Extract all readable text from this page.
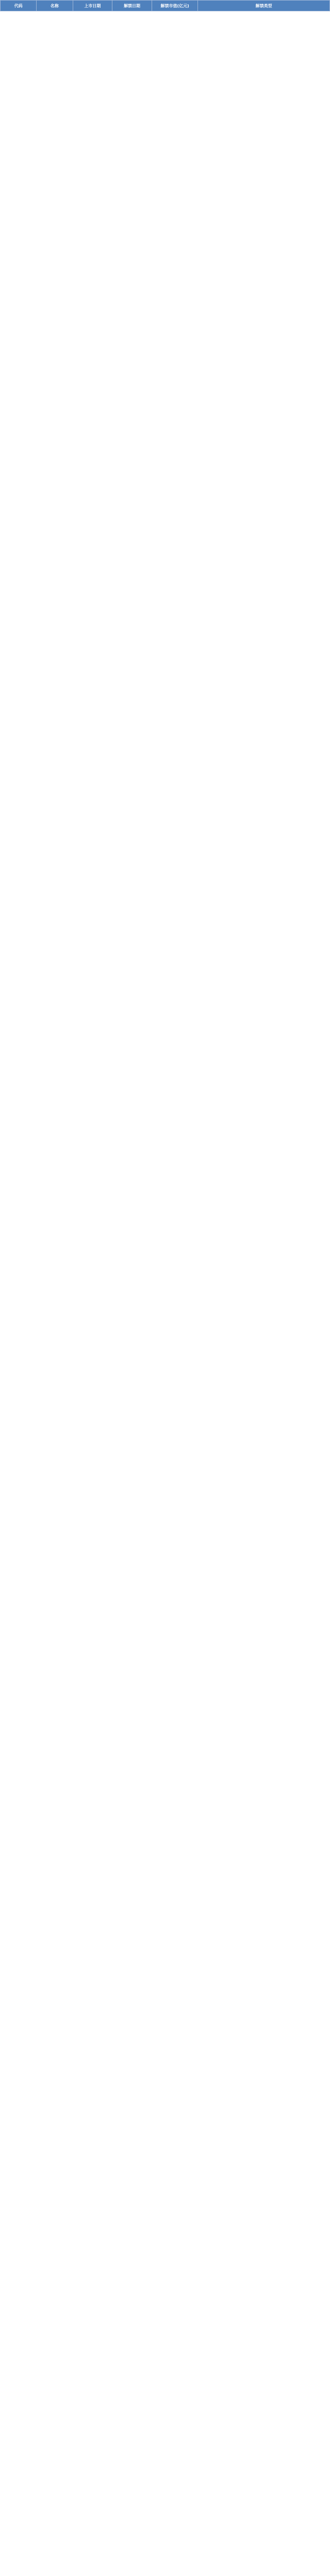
代码	名称	上市日期	解禁日期	解禁市值(亿元)	解禁类型
